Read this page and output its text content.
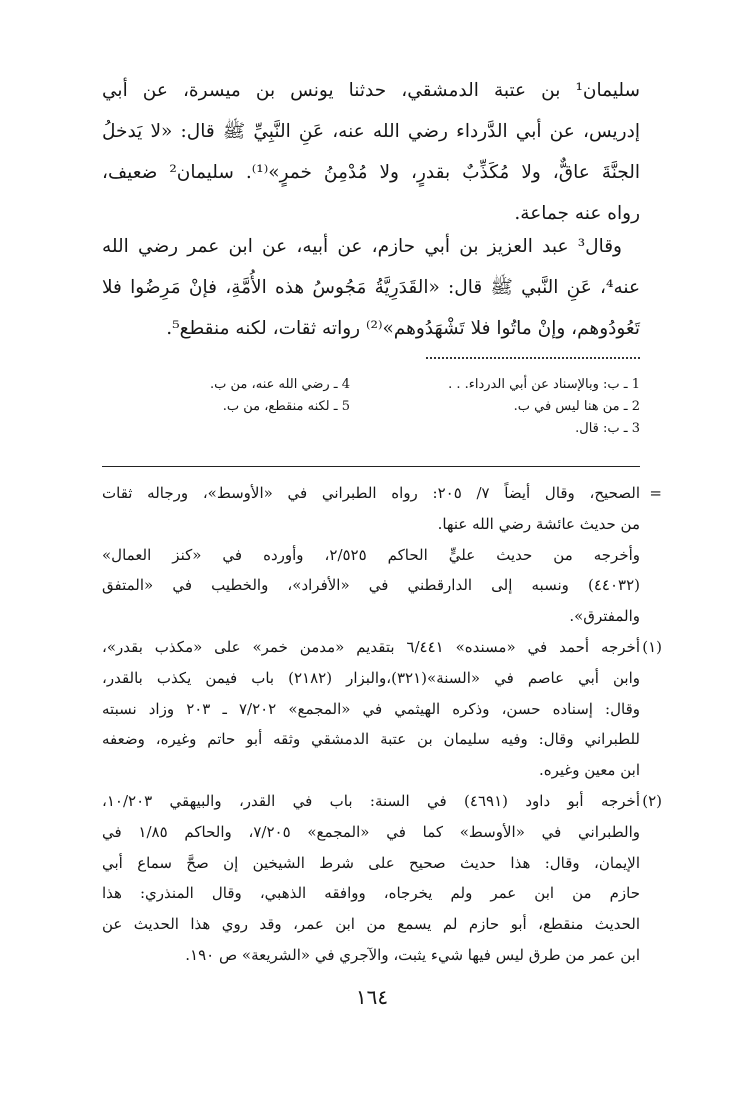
سليمان¹ بن عتبة الدمشقي، حدثنا يونس بن ميسرة، عن أبي
إدريس، عن أبي الدَّرداء رضي الله عنه، عَنِ النَّبِيِّ ﷺ قال: «لا يَدخلُ
الجنَّةَ عاقٌّ، ولا مُكَذِّبٌ بقدرٍ، ولا مُدْمِنُ خمرٍ»⁽¹⁾. سليمان² ضعيف،
رواه عنه جماعة.
وقال³ عبد العزيز بن أبي حازم، عن أبيه، عن ابن عمر رضي الله
عنه⁴، عَنِ النَّبي ﷺ قال: «القَدَرِيَّةُ مَجُوسُ هذه الأُمَّةِ، فإنْ مَرِضُوا فلا
تَعُودُوهم، وإنْ ماتُوا فلا تَشْهَدُوهم»⁽²⁾ رواته ثقات، لكنه منقطع⁵.
1 ـ ب: وبالإسناد عن أبي الدرداء. . .
2 ـ من هنا ليس في ب.
3 ـ ب: قال.
4 ـ رضي الله عنه، من ب.
5 ـ لكنه منقطع، من ب.
=
الصحيح، وقال أيضاً ٧/ ٢٠٥: رواه الطبراني في «الأوسط»، ورجاله ثقات
من حديث عائشة رضي الله عنها.
وأخرجه من حديث عليٍّ الحاكم ٢/٥٢٥، وأورده في «كنز العمال»
(٤٤٠٣٢) ونسبه إلى الدارقطني في «الأفراد»، والخطيب في «المتفق
والمفترق».
(١)
أخرجه أحمد في «مسنده» ٦/٤٤١ بتقديم «مدمن خمر» على «مكذب بقدر»،
وابن أبي عاصم في «السنة»(٣٢١)،والبزار (٢١٨٢) باب فيمن يكذب بالقدر،
وقال: إسناده حسن، وذكره الهيثمي في «المجمع» ٧/٢٠٢ ـ ٢٠٣ وزاد نسبته
للطبراني وقال: وفيه سليمان بن عتبة الدمشقي وثقه أبو حاتم وغيره، وضعفه
ابن معين وغيره.
(٢)
أخرجه أبو داود (٤٦٩١) في السنة: باب في القدر، والبيهقي ١٠/٢٠٣،
والطبراني في «الأوسط» كما في «المجمع» ٧/٢٠٥، والحاكم ١/٨٥ في
الإيمان، وقال: هذا حديث صحيح على شرط الشيخين إن صحَّ سماع أبي
حازم من ابن عمر ولم يخرجاه، ووافقه الذهبي، وقال المنذري: هذا
الحديث منقطع، أبو حازم لم يسمع من ابن عمر، وقد روي هذا الحديث عن
ابن عمر من طرق ليس فيها شيء يثبت، والآجري في «الشريعة» ص ١٩٠.
١٦٤
